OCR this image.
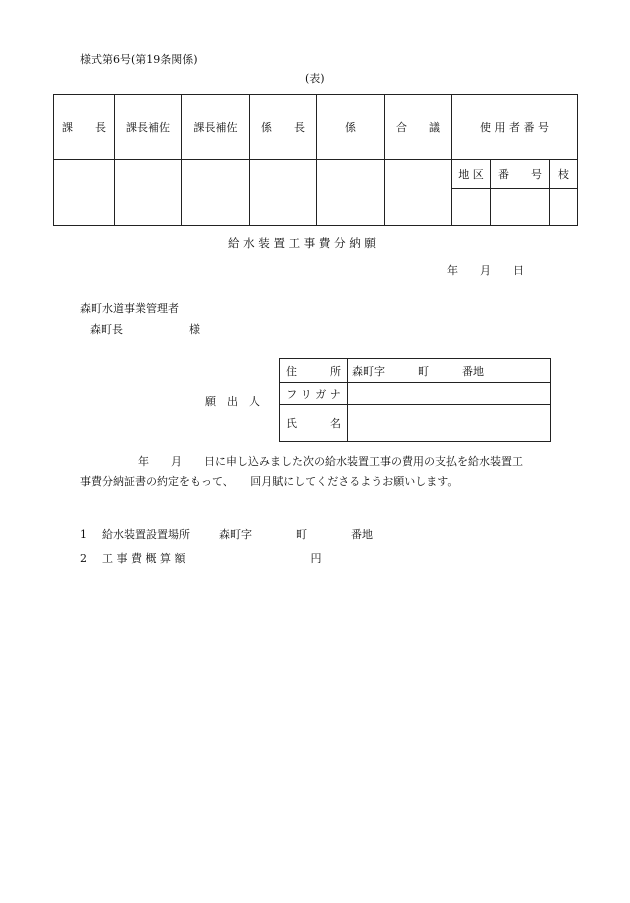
様式第6号(第19条関係)
(表)
課　　長	課長補佐	課長補佐	係　　長	係	合　　議	使 用 者 番 号

地 区	番　　号	枝

給 水 装 置 工 事 費 分 納 願
年　　月　　日
森町水道事業管理者
森町長　　　　　　様
願　出　人
住　　　所	森町字　　　町　　　番地
フ リ ガ ナ	
氏　　　名	
年　　月　　日に申し込みました次の給水装置工事の費用の支払を給水装置工
事費分納証書の約定をもって、　　回月賦にしてくださるようお願いします。
1 給水装置設置場所	森町字　　　　町　　　　番地
2 工 事 費 概 算 額	円
